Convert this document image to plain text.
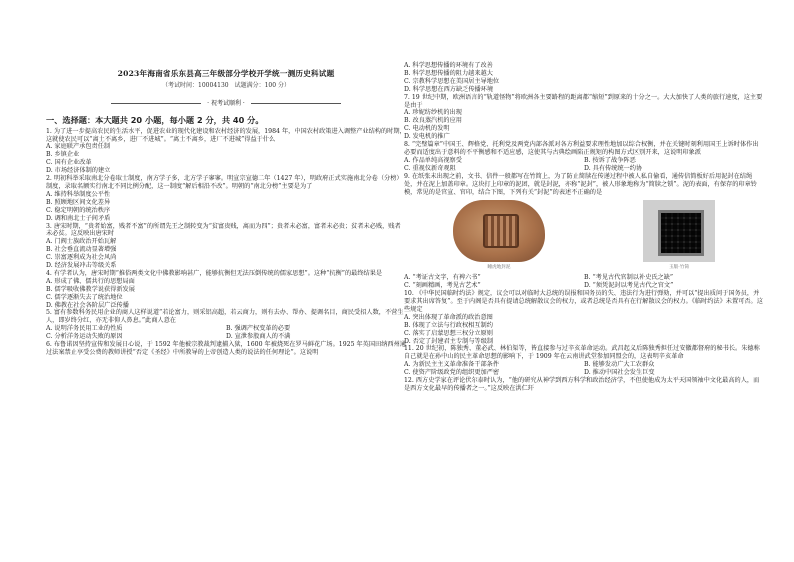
2023年海南省乐东县高三年级部分学校开学统一测历史科试题
（考试时间：10004130　试题满分：100 分）
· 祝考试顺利 ·
一、选择题：本大题共 20 小题，每小题 2 分，共 40 分。

1. 为了进一步提高农民的生活水平，促进农业的现代化建设和农村经济的发展，1984 年，中国农村政策进入调整产业结构的时期，这就使农民可以“离土不离乡，进厂不进城”。“离土不离乡，进厂不进城”得益于什么

A. 家庭联产承包责任制

B. 乡镇企业

C. 国有企业改革

D. 市场经济体制的建立

2. 明初科举采取南北分卷取士制度，南方学子多，北方学子寥寥。明宣宗宣德二年（1427 年），明政府正式实施南北分卷（分榜）制度，录取名额实行南北不同比例分配，这一制度“解后相沿不改”。明朝的“南北分榜”主要是为了

A. 维持科举制度公平性

B. 照顾地区间文化差异

C. 稳定明朝的统治秩序

D. 调和南北士子间矛盾

3. 唐宋时期，“贵者始富，贱者不富”的所谓先王之制转变为“贫富贵贱，离而为四”；贵者未必富，富者未必贵；贫者未必贱，贱者未必贫。这反映出唐宋时

A. 门阀士族政治开始瓦解

B. 社会垂直流动显著增强

C. 崇富逐利成为社会风尚

D. 经济发展冲击等级关系

4. 有学者认为，唐宋时期“推俗两类文化中佛教影响甚广，能够抗衡但无法压倒传统的儒家思想”。这种“抗衡”的最终结果是

A. 形成了佛、儒共行的思想局面

B. 儒学吸收佛教学说获得新发展

C. 儒学逐渐失去了统治地位

D. 佛教在社会各阶层广泛传播

5. 富有参数科务民用企业的商人这样说道“若论富力，则采铝高超，若云商力，则有去办、帮办、提调名目，商民受招人数，不营生人，即岁终分红，亦无非仰人鼻息。”此商人意在

A. 说明洋务民用工业的性质	B. 强调产权变革的必要
C. 分析洋务运动失败的原因	D. 宣泄参股商人的不满

6. 布鲁诺因坚持宣传和发展日心说，于 1592 年他被宗教裁判逮捕入狱，1600 年被烧死在罗马鲜花广场。1925 年英国田纳西州通过法案禁止享受公费的教师讲授“否定《圣经》中所教导的上帝创造人类的说法的任何理论”。这说明

A. 科学思想传播的环境有了改善

B. 科学思想传播的阻力越来越大

C. 宗教科学思想在美国居主导地位

D. 科学思想在西方缺乏传播环境

7. 19 世纪中期，欧洲语言的“轨道怪物”将欧洲各主要路程的距离都“缩短”到原来的十分之一。大大加快了人类的旅行速度，这主要是由于

A. 珍妮纺纱机的出现

B. 改良蒸汽机的应用

C. 电动机的发明

D. 发电机的推广

8. “完璧篇章”中国王、辉格党、托利党及两党内部各派对各方利益要求理性地加以综合权衡，并在关键时刻利用国王上诉时体作出必要而适度出于意料的不平衡感和不适应感，这使其与古典绘画陷正规矩的构图方式区别开来，这说明印象派

A. 作品单纯高视察受	B. 按诉了战争阵恶
C. 重视仪新奇观阻	D. 具有传统统一约协

9. 在纸张未出现之前，文书、信件一般都写在竹简上，为了防止简牍在传递过程中被人私自偷看，通传信简板好后用泥封在结绳处，并在泥上加盖印章。这块打上印章的泥团，就是封泥，亦称“泥封”，被人形象地称为“简牍之锁”。泥的表面，有保存的印章铃模，常见的是官宣、官印，结合下图，下列有关“封泥”的表述不正确的是

睡虎地封泥	玉版·竹简
A. “考证古文字，有裨六书”	B. “考见古代官制以补史氏之缺”
C. “刻画精画，考见古艺术”	D. “须凭泥封以考见古代之官文”

10. 《中华民国临时约法》规定，议会可以对临时大总统的误报和国务员的失、违法行为进行弹劾，并可以“提出质问于国务员，并要求其出席答复”。至于内阁是否具有提请总统解散议会的权力，或者总统是否具有在行解散议会的权力。《临时约法》未置可否。这些规定

A. 突出体现了革命派的政治意图

B. 体现了立法与行政权相互制约

C. 落实了启蒙思想三权分立原则

D. 否定了封建君主专制与等级制

11. 20 世纪初，陈独秀、董必武、林伯渠等，皆直接参与过辛亥革命运动。武昌起义后陈独秀担任过安徽都督府的秘书长。朱德称自己就是在孙中山的民主革命思想的影响下，于 1909 年在云南讲武堂参加同盟会的，这表明辛亥革命

A. 为新民主主义革命准备干部条件	B. 能够发动广大工农群众
C. 使资产阶级政党的组织更加严密	D. 推动中国社会发生巨变

12. 西方史学家在评论伏尔泰时认为，“他的研究从神学到西方科学和政治经济学，不但使他成为太平天国领袖中文化最高的人，而是西方文化最早的传播者之一。”这反映在洪仁玕
